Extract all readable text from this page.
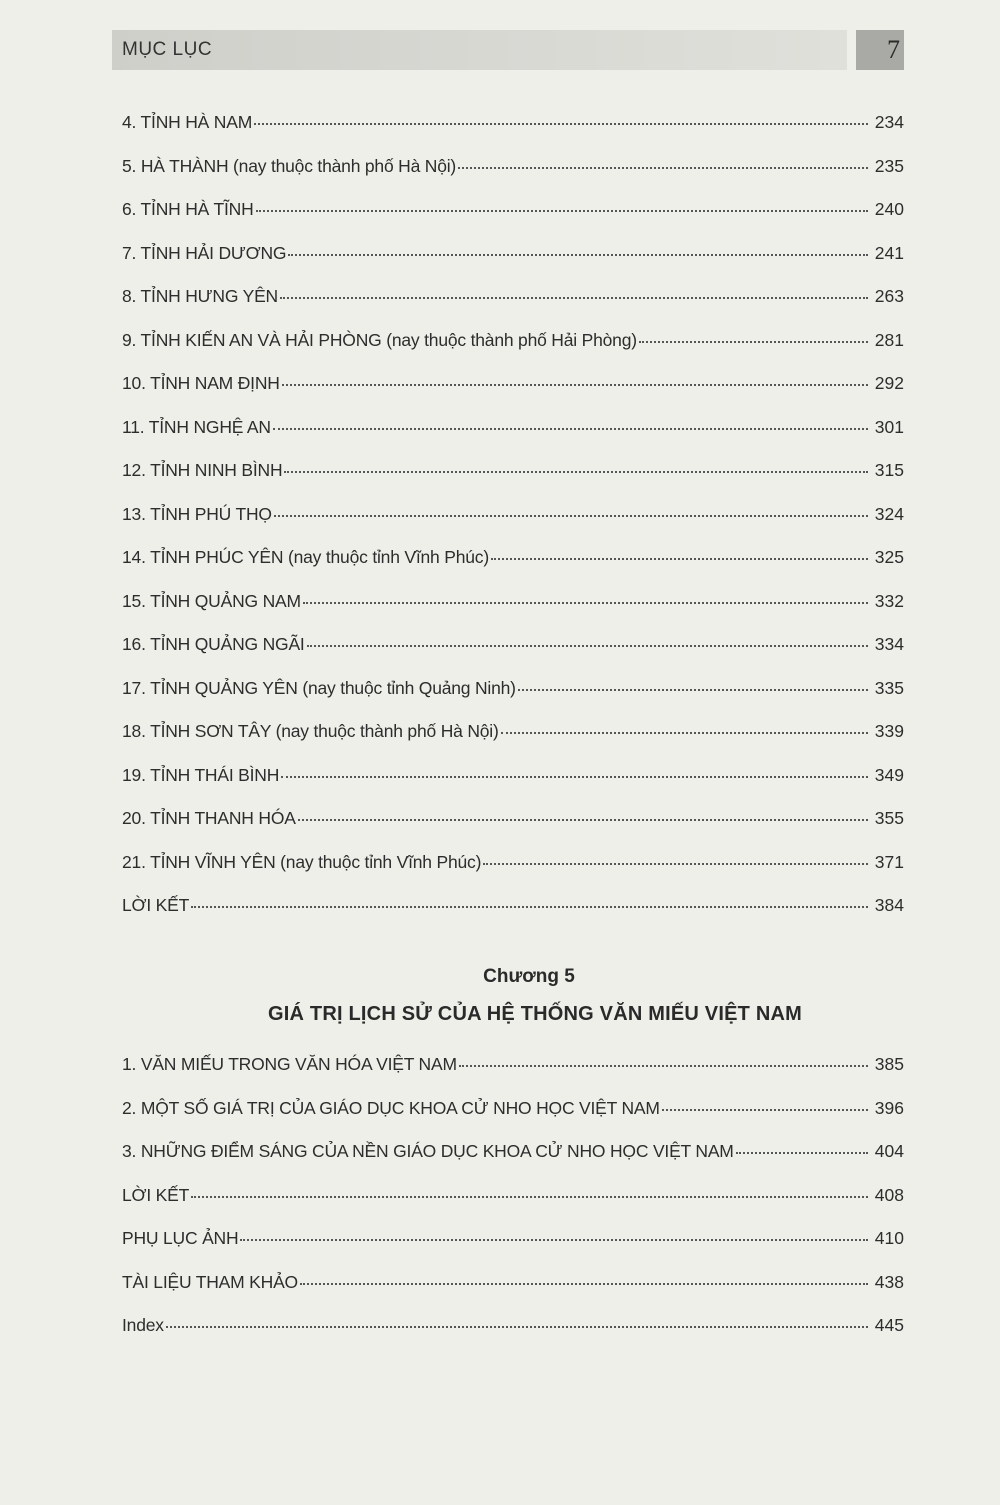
MỤC LỤC	7
4. TỈNH HÀ NAM	234
5. HÀ THÀNH (nay thuộc thành phố Hà Nội)	235
6. TỈNH HÀ TĨNH	240
7. TỈNH HẢI DƯƠNG	241
8. TỈNH HƯNG YÊN	263
9. TỈNH KIẾN AN VÀ HẢI PHÒNG (nay thuộc thành phố Hải Phòng)	281
10. TỈNH NAM ĐỊNH	292
11. TỈNH NGHỆ AN	301
12. TỈNH NINH BÌNH	315
13. TỈNH PHÚ THỌ	324
14. TỈNH PHÚC YÊN (nay thuộc tỉnh Vĩnh Phúc)	325
15. TỈNH QUẢNG NAM	332
16. TỈNH QUẢNG NGÃI	334
17. TỈNH QUẢNG YÊN (nay thuộc tỉnh Quảng Ninh)	335
18. TỈNH SƠN TÂY (nay thuộc thành phố Hà Nội)	339
19. TỈNH THÁI BÌNH	349
20. TỈNH THANH HÓA	355
21. TỈNH VĨNH YÊN (nay thuộc tỉnh Vĩnh Phúc)	371
LỜI KẾT	384
Chương 5
GIÁ TRỊ LỊCH SỬ CỦA HỆ THỐNG VĂN MIẾU VIỆT NAM
1. VĂN MIẾU TRONG VĂN HÓA VIỆT NAM	385
2. MỘT SỐ GIÁ TRỊ CỦA GIÁO DỤC KHOA CỬ NHO HỌC VIỆT NAM	396
3. NHỮNG ĐIỂM SÁNG CỦA NỀN GIÁO DỤC KHOA CỬ NHO HỌC VIỆT NAM	404
LỜI KẾT	408
PHỤ LỤC ẢNH	410
TÀI LIỆU THAM KHẢO	438
Index	445
